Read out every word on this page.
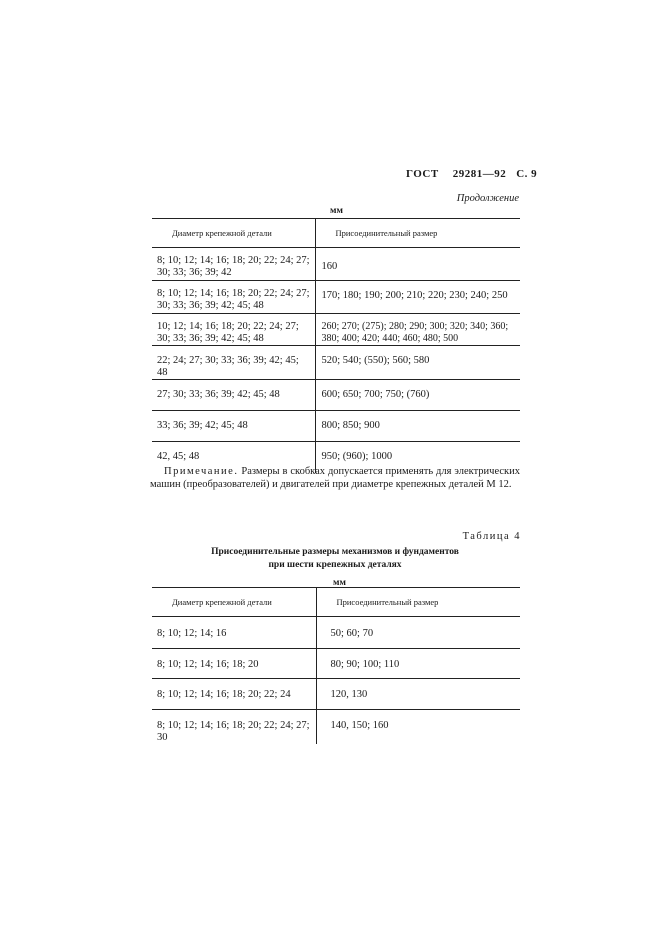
ГОСТ 29281—92 С. 9
Продолжение
мм
Диаметр крепежной детали	Присоединительный размер

8; 10; 12; 14; 16; 18; 20; 22; 24; 27; 30; 33; 36; 39; 42	160
8; 10; 12; 14; 16; 18; 20; 22; 24; 27; 30; 33; 36; 39; 42; 45; 48	170; 180; 190; 200; 210; 220; 230; 240; 250
10; 12; 14; 16; 18; 20; 22; 24; 27; 30; 33; 36; 39; 42; 45; 48	260; 270; (275); 280; 290; 300; 320; 340; 360; 380; 400; 420; 440; 460; 480; 500
22; 24; 27; 30; 33; 36; 39; 42; 45; 48	520; 540; (550); 560; 580
27; 30; 33; 36; 39; 42; 45; 48	600; 650; 700; 750; (760)
33; 36; 39; 42; 45; 48	800; 850; 900
42, 45; 48	950; (960); 1000
Примечание. Размеры в скобках допускается применять для электрических машин (преобразователей) и двигателей при диаметре крепежных деталей М 12.
Таблица 4
Присоединительные размеры механизмов и фундаментов
при шести крепежных деталях
мм
Диаметр крепежной детали	Присоединительный размер

8; 10; 12; 14; 16	50; 60; 70
8; 10; 12; 14; 16; 18; 20	80; 90; 100; 110
8; 10; 12; 14; 16; 18; 20; 22; 24	120, 130
8; 10; 12; 14; 16; 18; 20; 22; 24; 27; 30	140, 150; 160
